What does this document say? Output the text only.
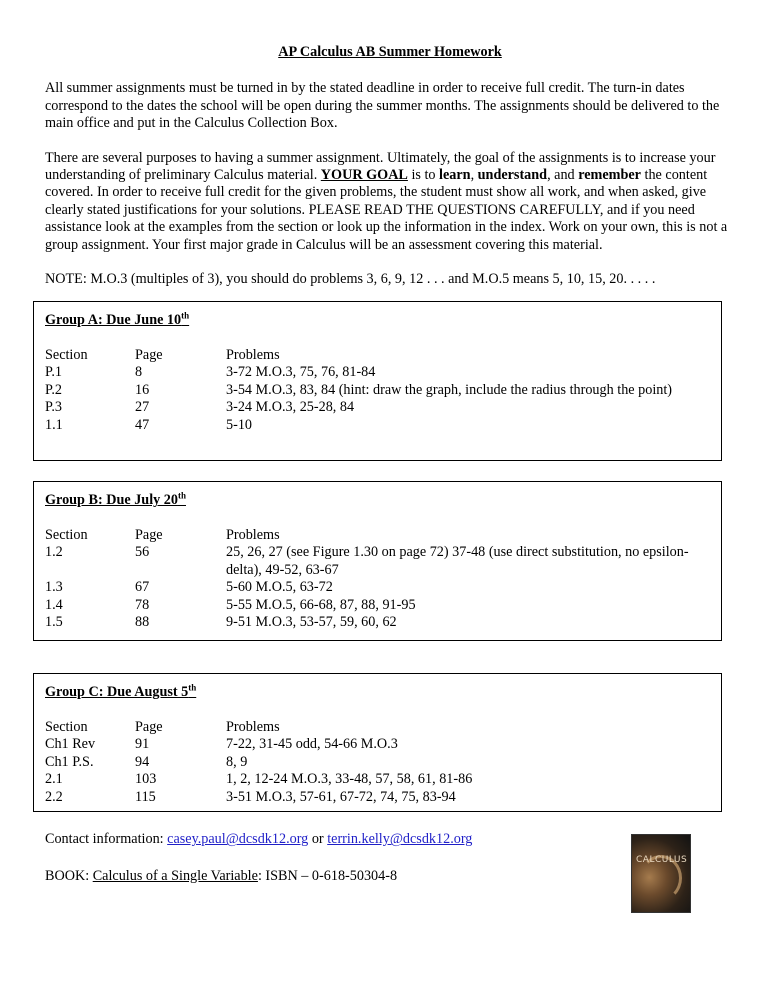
AP Calculus AB Summer Homework

All summer assignments must be turned in by the stated deadline in order to receive full credit. The turn-in dates correspond to the dates the school will be open during the summer months. The assignments should be delivered to the main office and put in the Calculus Collection Box.

There are several purposes to having a summer assignment. Ultimately, the goal of the assignments is to increase your understanding of preliminary Calculus material. YOUR GOAL is to learn, understand, and remember the content covered. In order to receive full credit for the given problems, the student must show all work, and when asked, give clearly stated justifications for your solutions. PLEASE READ THE QUESTIONS CAREFULLY, and if you need assistance look at the examples from the section or look up the information in the index. Work on your own, this is not a group assignment. Your first major grade in Calculus will be an assessment covering this material.

NOTE: M.O.3 (multiples of 3), you should do problems 3, 6, 9, 12 . . . and M.O.5 means 5, 10, 15, 20. . . . .

Group A: Due June 10th
Section	Page	Problems
P.1	8	3-72 M.O.3, 75, 76, 81-84
P.2	16	3-54 M.O.3, 83, 84 (hint: draw the graph, include the radius through the point)
P.3	27	3-24 M.O.3, 25-28, 84
1.1	47	5-10
Group B: Due July 20th
Section	Page	Problems
1.2	56	25, 26, 27 (see Figure 1.30 on page 72) 37-48 (use direct substitution, no epsilon-delta), 49-52, 63-67
1.3	67	5-60 M.O.5, 63-72
1.4	78	5-55 M.O.5, 66-68, 87, 88, 91-95
1.5	88	9-51 M.O.3, 53-57, 59, 60, 62
Group C: Due August 5th
Section	Page	Problems
Ch1 Rev	91	7-22, 31-45 odd, 54-66 M.O.3
Ch1 P.S.	94	8, 9
2.1	103	1, 2, 12-24 M.O.3, 33-48, 57, 58, 61, 81-86
2.2	115	3-51 M.O.3, 57-61, 67-72, 74, 75, 83-94
Contact information: casey.paul@dcsdk12.org or terrin.kelly@dcsdk12.org
BOOK: Calculus of a Single Variable: ISBN – 0-618-50304-8
CALCULUS
